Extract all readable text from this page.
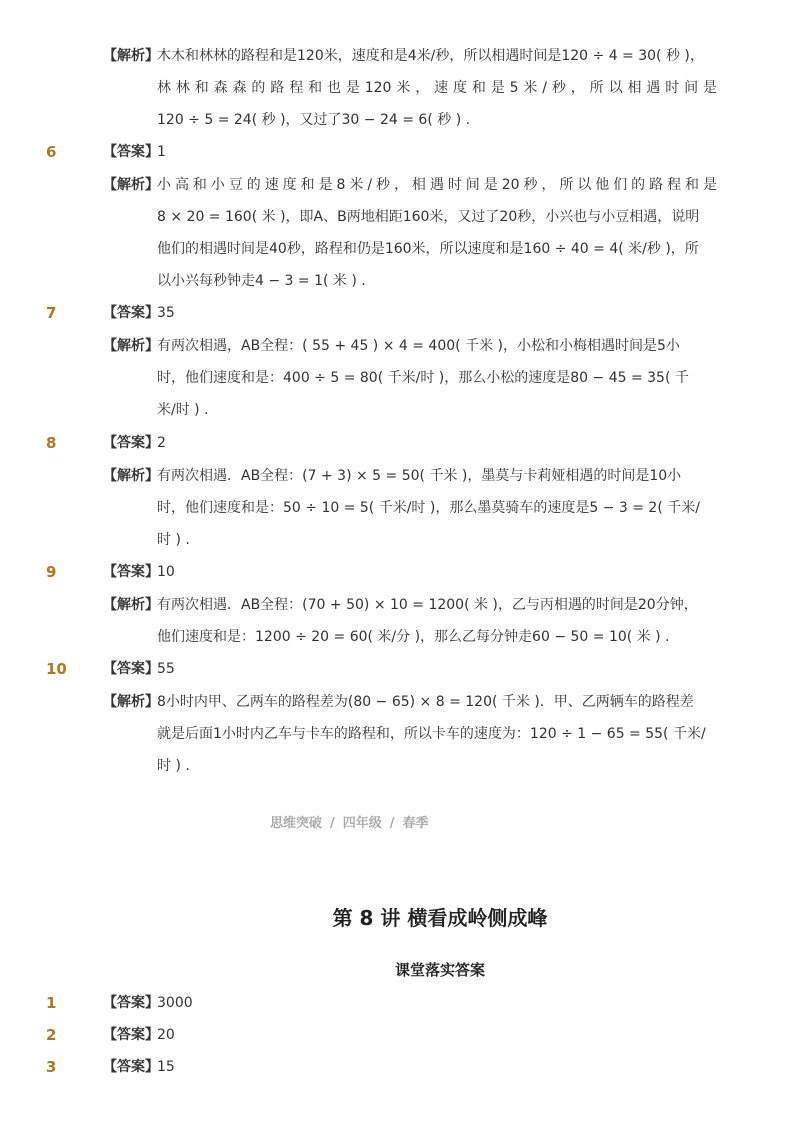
【解析】
木木和林林的路程和是120米，速度和是4米/秒，所以相遇时间是120 ÷ 4 = 30( 秒 )，
林林和森森的路程和也是120米，速度和是5米/秒，所以相遇时间是
120 ÷ 5 = 24( 秒 )，又过了30 − 24 = 6( 秒 ) .
6	【答案】
1
【解析】
小高和小豆的速度和是8米/秒，相遇时间是20秒，所以他们的路程和是
8 × 20 = 160( 米 )，即A、B两地相距160米，又过了20秒，小兴也与小豆相遇，说明
他们的相遇时间是40秒，路程和仍是160米，所以速度和是160 ÷ 40 = 4( 米/秒 )，所
以小兴每秒钟走4 − 3 = 1( 米 ) .
7	【答案】
35
【解析】
有两次相遇，AB全程：( 55 + 45 ) × 4 = 400( 千米 )，小松和小梅相遇时间是5小
时，他们速度和是：400 ÷ 5 = 80( 千米/时 )，那么小松的速度是80 − 45 = 35( 千
米/时 ) .
8	【答案】
2
【解析】
有两次相遇．AB全程：(7 + 3) × 5 = 50( 千米 )，墨莫与卡莉娅相遇的时间是10小
时，他们速度和是：50 ÷ 10 = 5( 千米/时 )，那么墨莫骑车的速度是5 − 3 = 2( 千米/
时 ) .
9	【答案】
10
【解析】
有两次相遇．AB全程：(70 + 50) × 10 = 1200( 米 )，乙与丙相遇的时间是20分钟，
他们速度和是：1200 ÷ 20 = 60( 米/分 )，那么乙每分钟走60 − 50 = 10( 米 ) .
10	【答案】
55
【解析】
8小时内甲、乙两车的路程差为(80 − 65) × 8 = 120( 千米 )．甲、乙两辆车的路程差
就是后面1小时内乙车与卡车的路程和，所以卡车的速度为：120 ÷ 1 − 65 = 55( 千米/
时 ) .
思维突破 / 四年级 / 春季
第 8 讲 横看成岭侧成峰
课堂落实答案
1	【答案】
3000
2	【答案】
20
3	【答案】
15
